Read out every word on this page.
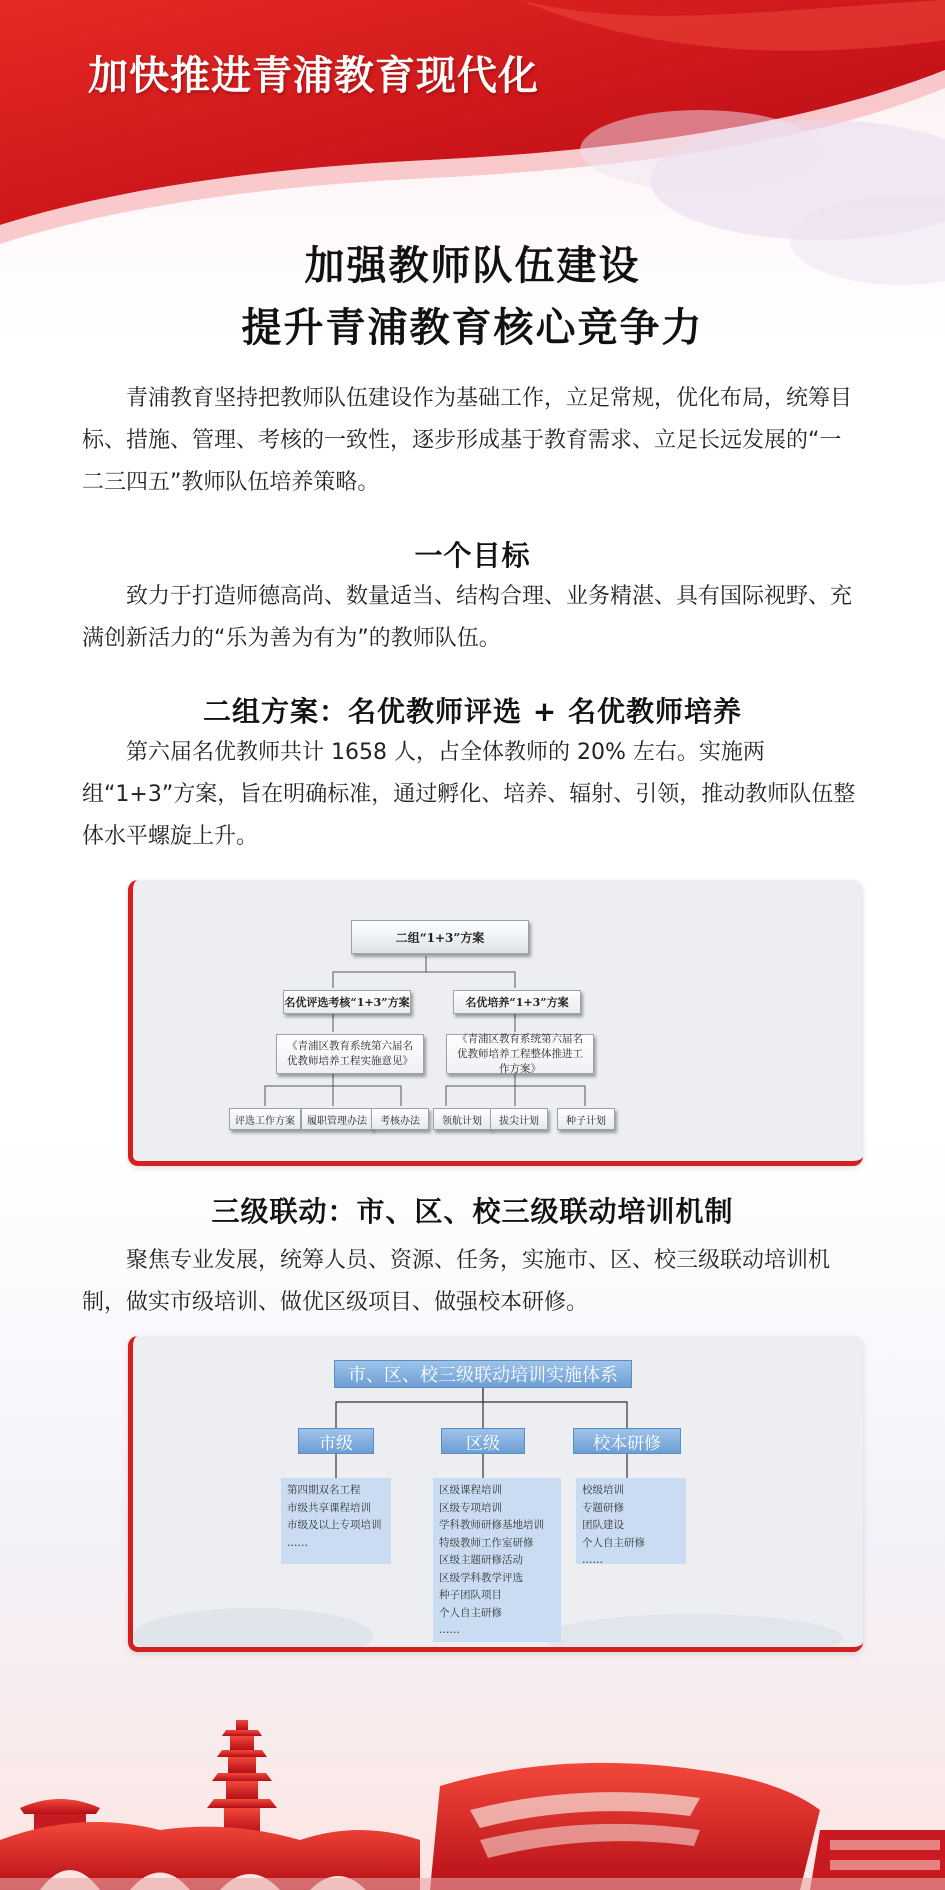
加快推进青浦教育现代化
加强教师队伍建设
提升青浦教育核心竞争力
青浦教育坚持把教师队伍建设作为基础工作，立足常规，优化布局，统筹目标、措施、管理、考核的一致性，逐步形成基于教育需求、立足长远发展的“一二三四五”教师队伍培养策略。
一个目标
致力于打造师德高尚、数量适当、结构合理、业务精湛、具有国际视野、充满创新活力的“乐为善为有为”的教师队伍。
二组方案：名优教师评选 + 名优教师培养
第六届名优教师共计 1658 人，占全体教师的 20% 左右。实施两组“1+3”方案，旨在明确标准，通过孵化、培养、辐射、引领，推动教师队伍整体水平螺旋上升。
二组“1+3”方案
名优评选考核“1+3”方案	名优培养“1+3”方案
《青浦区教育系统第六届名优教师培养工程实施意见》
《青浦区教育系统第六届名优教师培养工程整体推进工作方案》
评选工作方案	履职管理办法	考核办法	领航计划	拔尖计划	种子计划
三级联动：市、区、校三级联动培训机制
聚焦专业发展，统筹人员、资源、任务，实施市、区、校三级联动培训机制，做实市级培训、做优区级项目、做强校本研修。
市、区、校三级联动培训实施体系
市级	区级	校本研修
第四期双名工程
市级共享课程培训
市级及以上专项培训
……
区级课程培训
区级专项培训
学科教师研修基地培训
特级教师工作室研修
区级主题研修活动
区级学科教学评选
种子团队项目
个人自主研修
……
校级培训
专题研修
团队建设
个人自主研修
……
